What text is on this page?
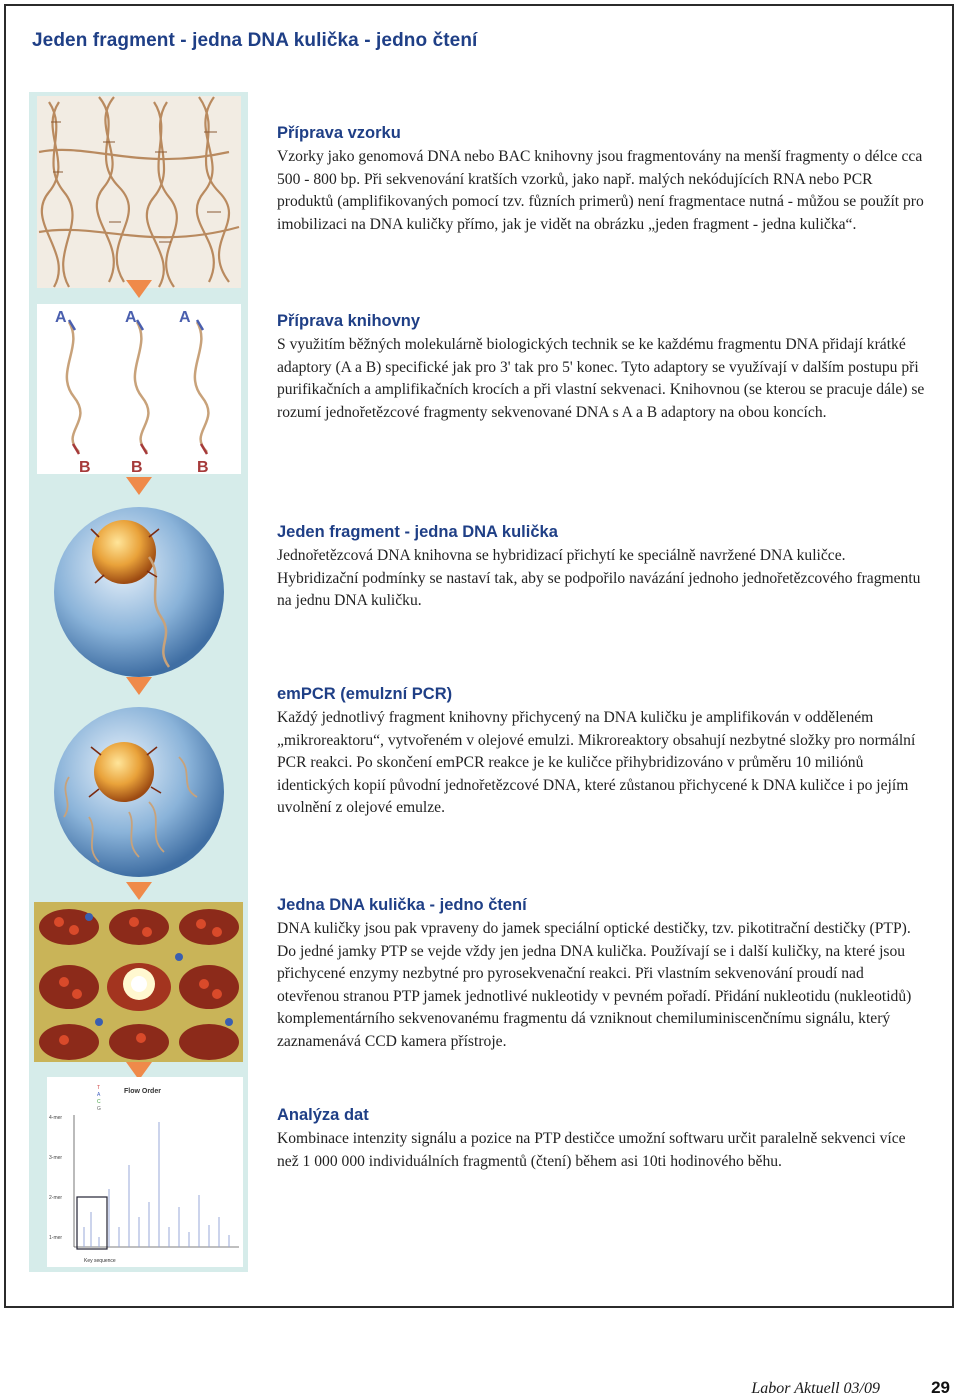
Jeden fragment - jedna DNA kulička - jedno čtení
A	A	A
B	B	B
Flow Order
4-mer
3-mer
2-mer
1-mer
T
A
C
G
Key sequence
Příprava vzorku

Vzorky jako genomová DNA nebo BAC knihovny jsou fragmentovány na menší fragmenty o délce cca 500 - 800 bp. Při sekvenování kratších vzorků, jako např. malých nekódujících RNA nebo PCR produktů (amplifikovaných pomocí tzv. fůzních primerů) není fragmentace nutná - můžou se použít pro imobilizaci na DNA kuličky přímo, jak je vidět na obrázku „jeden fragment - jedna kulička“.

Příprava knihovny

S využitím běžných molekulárně biologických technik se ke každému fragmentu DNA přidají krátké adaptory (A a B) specifické jak pro 3' tak pro 5' konec. Tyto adaptory se využívají v dalším postupu při purifikačních a amplifikačních krocích a při vlastní sekvenaci. Knihovnou (se kterou se pracuje dále) se rozumí jednořetězcové fragmenty sekvenované DNA s A a B adaptory na obou koncích.

Jeden fragment - jedna DNA kulička

Jednořetězcová DNA knihovna se hybridizací přichytí ke speciálně navržené DNA kuličce. Hybridizační podmínky se nastaví tak, aby se podpořilo navázání jednoho jednořetězcového fragmentu na jednu DNA kuličku.

emPCR (emulzní PCR)

Každý jednotlivý fragment knihovny přichycený na DNA kuličku je amplifikován v odděleném „mikroreaktoru“, vytvořeném v olejové emulzi. Mikroreaktory obsahují nezbytné složky pro normální PCR reakci. Po skončení emPCR reakce je ke kuličce přihybridizováno v průměru 10 miliónů identických kopií původní jednořetězcové DNA, které zůstanou přichycené k DNA kuličce i po jejím uvolnění z olejové emulze.

Jedna DNA kulička - jedno čtení

DNA kuličky jsou pak vpraveny do jamek speciální optické destičky, tzv. pikotitrační destičky (PTP). Do jedné jamky PTP se vejde vždy jen jedna DNA kulička. Používají se i další kuličky, na které jsou přichycené enzymy nezbytné pro pyrosekvenační reakci. Při vlastním sekvenování proudí nad otevřenou stranou PTP jamek jednotlivé nukleotidy v pevném pořadí. Přidání nukleotidu (nukleotidů) komplementárního sekvenovanému fragmentu dá vzniknout chemiluminiscenčnímu signálu, který zaznamenává CCD kamera přístroje.

Analýza dat

Kombinace intenzity signálu a pozice na PTP destičce umožní softwaru určit paralelně sekvenci více než 1 000 000 individuálních fragmentů (čtení) během asi 10ti hodinového běhu.

Labor Aktuell 03/09	29
